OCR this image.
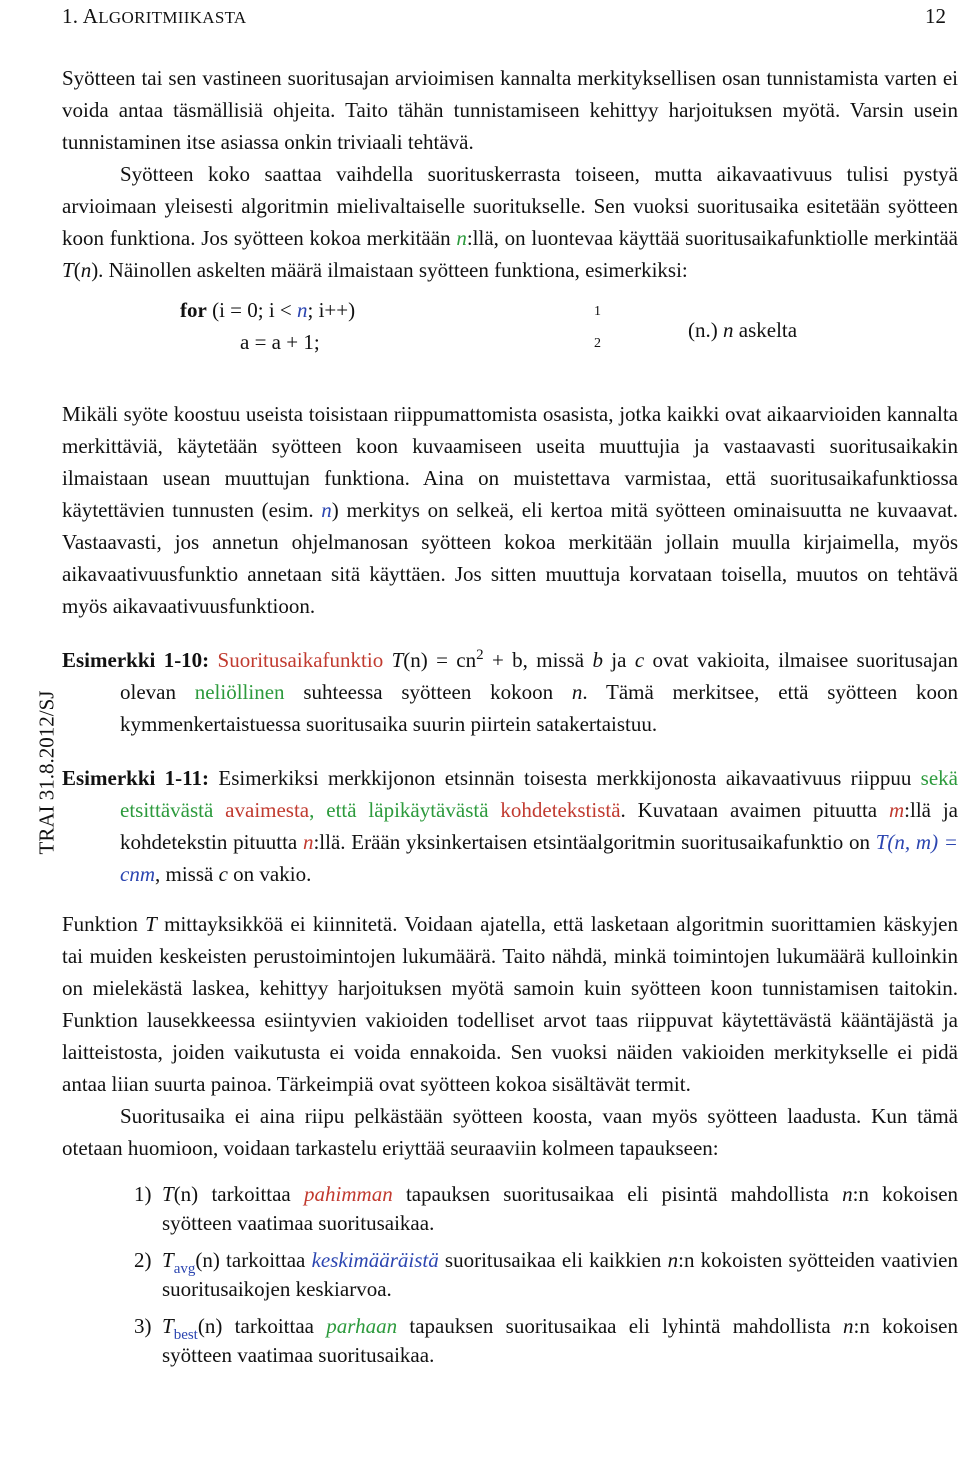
1. ALGORITMIIKASTA	12
TRAI 31.8.2012/SJ

Syötteen tai sen vastineen suoritusajan arvioimisen kannalta merkityksellisen osan tunnistamista varten ei voida antaa täsmällisiä ohjeita. Taito tähän tunnistamiseen kehittyy harjoituksen myötä. Varsin usein tunnistaminen itse asiassa onkin triviaali tehtävä.

Syötteen koko saattaa vaihdella suorituskerrasta toiseen, mutta aikavaativuus tulisi pystyä arvioimaan yleisesti algoritmin mielivaltaiselle suoritukselle. Sen vuoksi suoritusaika esitetään syötteen koon funktiona. Jos syötteen kokoa merkitään n:llä, on luontevaa käyttää suoritusaikafunktiolle merkintää T(n). Näinollen askelten määrä ilmaistaan syötteen funktiona, esimerkiksi:

for (i = 0; i < n; i++)
a = a + 1;
1
2
(n.) n askelta

Mikäli syöte koostuu useista toisistaan riippumattomista osasista, jotka kaikki ovat aikaarvioiden kannalta merkittäviä, käytetään syötteen koon kuvaamiseen useita muuttujia ja vastaavasti suoritusaikakin ilmaistaan usean muuttujan funktiona. Aina on muistettava varmistaa, että suoritusaikafunktiossa käytettävien tunnusten (esim. n) merkitys on selkeä, eli kertoa mitä syötteen ominaisuutta ne kuvaavat. Vastaavasti, jos annetun ohjelmanosan syötteen kokoa merkitään jollain muulla kirjaimella, myös aikavaativuusfunktio annetaan sitä käyttäen. Jos sitten muuttuja korvataan toisella, muutos on tehtävä myös aikavaativuusfunktioon.

Esimerkki 1-10: Suoritusaikafunktio $T(n) = cn^2 + b$, missä b ja c ovat vakioita, ilmaisee suoritusajan olevan neliöllinen suhteessa syötteen kokoon n. Tämä merkitsee, että syötteen koon kymmenkertaistuessa suoritusaika suurin piirtein satakertaistuu.

Esimerkki 1-11: Esimerkiksi merkkijonon etsinnän toisesta merkkijonosta aikavaativuus riippuu sekä etsittävästä avaimesta, että läpikäytävästä kohdetekstistä. Kuvataan avaimen pituutta m:llä ja kohdetekstin pituutta n:llä. Erään yksinkertaisen etsintäalgoritmin suoritusaikafunktio on T(n, m) = cnm, missä c on vakio.

Funktion T mittayksikköä ei kiinnitetä. Voidaan ajatella, että lasketaan algoritmin suorittamien käskyjen tai muiden keskeisten perustoimintojen lukumäärä. Taito nähdä, minkä toimintojen lukumäärä kulloinkin on mielekästä laskea, kehittyy harjoituksen myötä samoin kuin syötteen koon tunnistamisen taitokin. Funktion lausekkeessa esiintyvien vakioiden todelliset arvot taas riippuvat käytettävästä kääntäjästä ja laitteistosta, joiden vaikutusta ei voida ennakoida. Sen vuoksi näiden vakioiden merkitykselle ei pidä antaa liian suurta painoa. Tärkeimpiä ovat syötteen kokoa sisältävät termit.

Suoritusaika ei aina riipu pelkästään syötteen koosta, vaan myös syötteen laadusta. Kun tämä otetaan huomioon, voidaan tarkastelu eriyttää seuraaviin kolmeen tapaukseen:

1) T(n) tarkoittaa pahimman tapauksen suoritusaikaa eli pisintä mahdollista n:n kokoisen syötteen vaatimaa suoritusaikaa.
2) $T_{avg}(n)$ tarkoittaa keskimääräistä suoritusaikaa eli kaikkien n:n kokoisten syötteiden vaativien suoritusaikojen keskiarvoa.
3) $T_{best}(n)$ tarkoittaa parhaan tapauksen suoritusaikaa eli lyhintä mahdollista n:n kokoisen syötteen vaatimaa suoritusaikaa.
